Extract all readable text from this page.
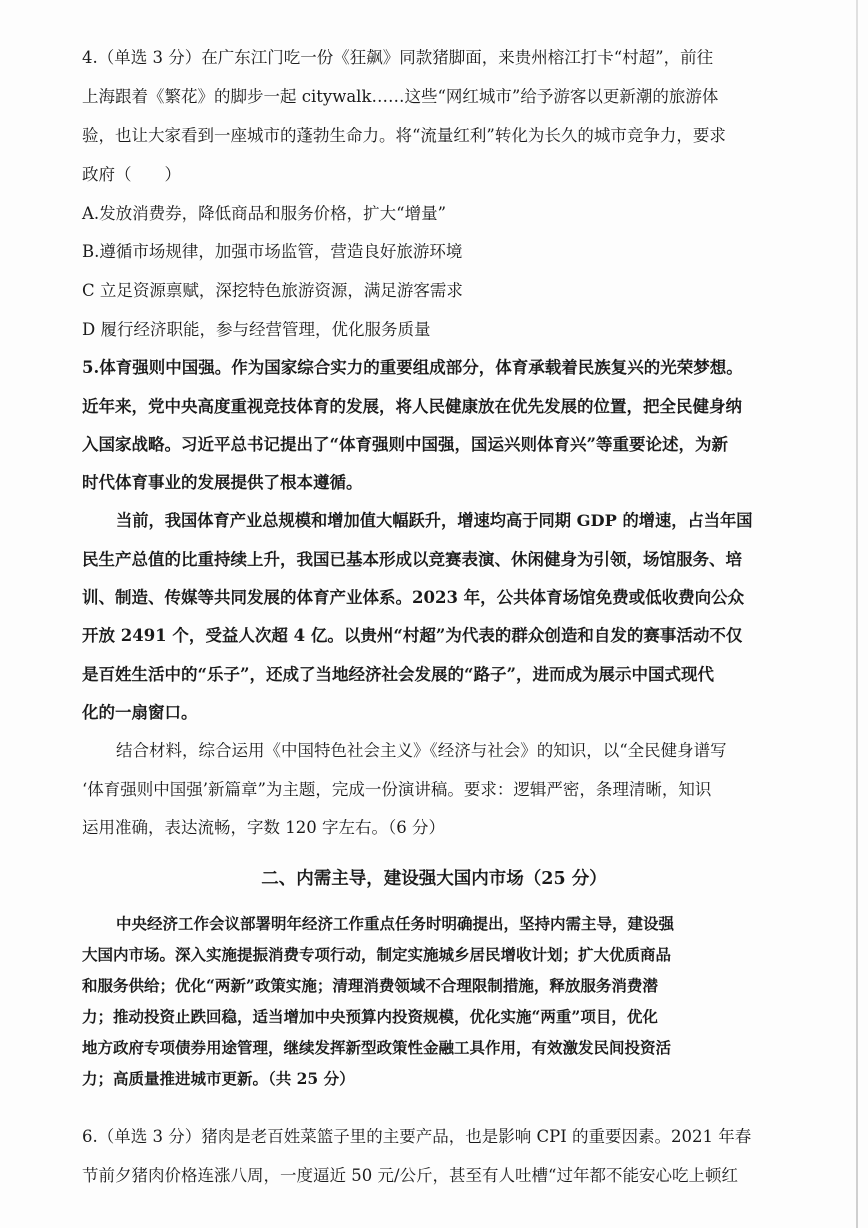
4.（单选 3 分）在广东江门吃一份《狂飙》同款猪脚面，来贵州榕江打卡“村超”，前往
上海跟着《繁花》的脚步一起 citywalk……这些“网红城市”给予游客以更新潮的旅游体
验，也让大家看到一座城市的蓬勃生命力。将“流量红利”转化为长久的城市竞争力，要求
政府（　　）
A.发放消费券，降低商品和服务价格，扩大“增量”
B.遵循市场规律，加强市场监管，营造良好旅游环境
C 立足资源禀赋，深挖特色旅游资源，满足游客需求
D 履行经济职能，参与经营管理，优化服务质量
5.体育强则中国强。作为国家综合实力的重要组成部分，体育承载着民族复兴的光荣梦想。
近年来，党中央高度重视竞技体育的发展，将人民健康放在优先发展的位置，把全民健身纳
入国家战略。习近平总书记提出了“体育强则中国强，国运兴则体育兴”等重要论述，为新
时代体育事业的发展提供了根本遵循。
当前，我国体育产业总规模和增加值大幅跃升，增速均高于同期 GDP 的增速，占当年国
民生产总值的比重持续上升，我国已基本形成以竞赛表演、休闲健身为引领，场馆服务、培
训、制造、传媒等共同发展的体育产业体系。2023 年，公共体育场馆免费或低收费向公众
开放 2491 个，受益人次超 4 亿。以贵州“村超”为代表的群众创造和自发的赛事活动不仅
是百姓生活中的“乐子”，还成了当地经济社会发展的“路子”，进而成为展示中国式现代
化的一扇窗口。
结合材料，综合运用《中国特色社会主义》《经济与社会》的知识，以“全民健身谱写
‘体育强则中国强’新篇章”为主题，完成一份演讲稿。要求：逻辑严密，条理清晰，知识
运用准确，表达流畅，字数 120 字左右。（6 分）
二、内需主导，建设强大国内市场（25 分）
中央经济工作会议部署明年经济工作重点任务时明确提出，坚持内需主导，建设强
大国内市场。深入实施提振消费专项行动，制定实施城乡居民增收计划；扩大优质商品
和服务供给；优化“两新”政策实施；清理消费领域不合理限制措施，释放服务消费潜
力；推动投资止跌回稳，适当增加中央预算内投资规模，优化实施“两重”项目，优化
地方政府专项债券用途管理，继续发挥新型政策性金融工具作用，有效激发民间投资活
力；高质量推进城市更新。（共 25 分）
6.（单选 3 分）猪肉是老百姓菜篮子里的主要产品，也是影响 CPI 的重要因素。2021 年春
节前夕猪肉价格连涨八周，一度逼近 50 元/公斤，甚至有人吐槽“过年都不能安心吃上顿红
